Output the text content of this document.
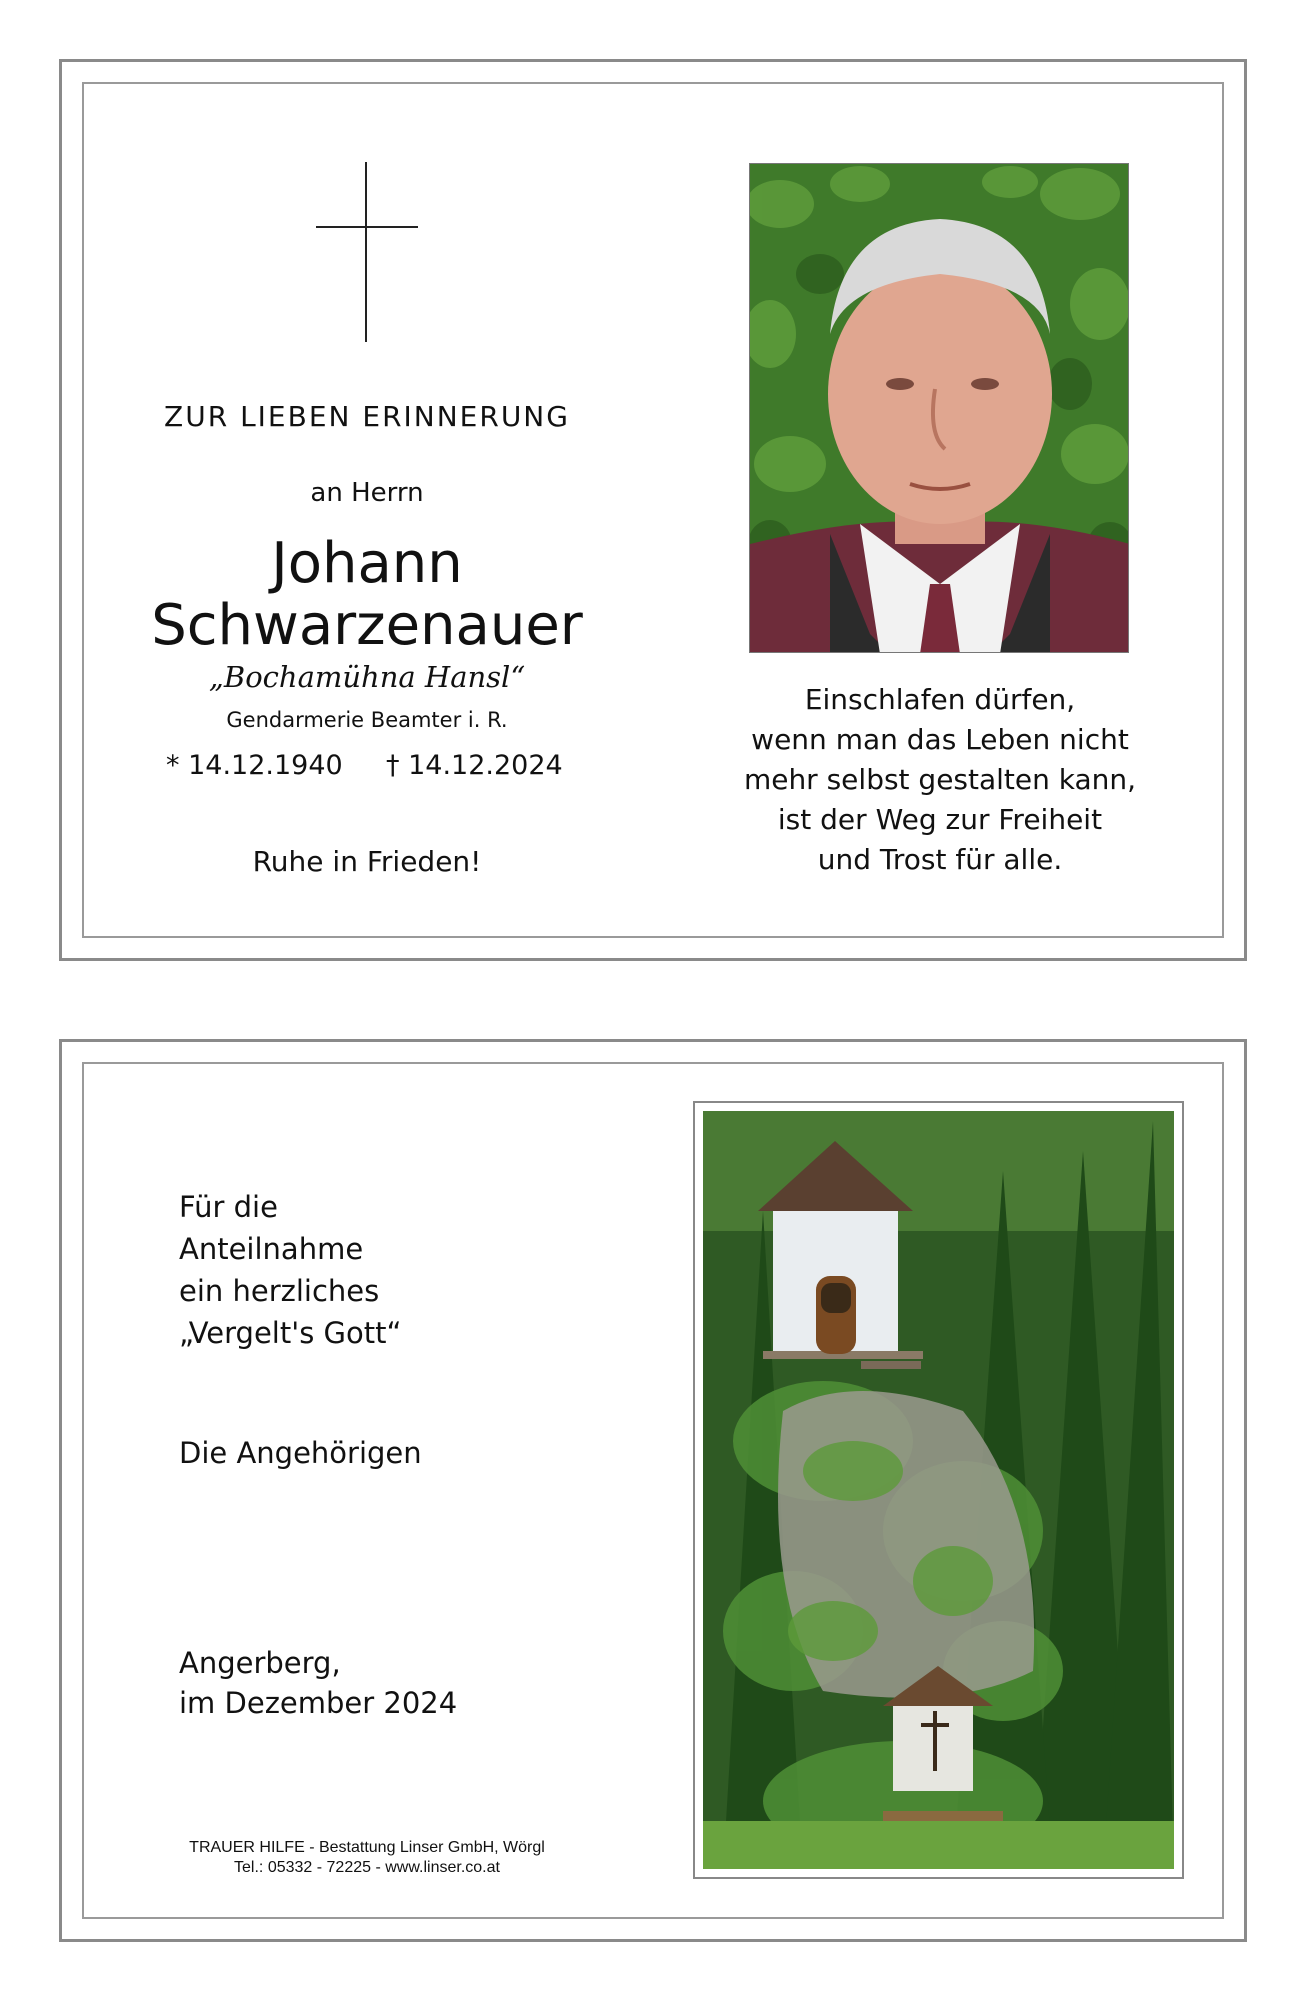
ZUR LIEBEN ERINNERUNG
an Herrn
Johann
Schwarzenauer
„Bochamühna Hansl“
Gendarmerie Beamter i. R.
* 14.12.1940 † 14.12.2024
Ruhe in Frieden!
Einschlafen dürfen,
wenn man das Leben nicht
mehr selbst gestalten kann,
ist der Weg zur Freiheit
und Trost für alle.
Für die
Anteilnahme
ein herzliches
„Vergelt's Gott“
Die Angehörigen
Angerberg,
im Dezember 2024
TRAUER HILFE - Bestattung Linser GmbH, Wörgl
Tel.: 05332 - 72225 - www.linser.co.at
